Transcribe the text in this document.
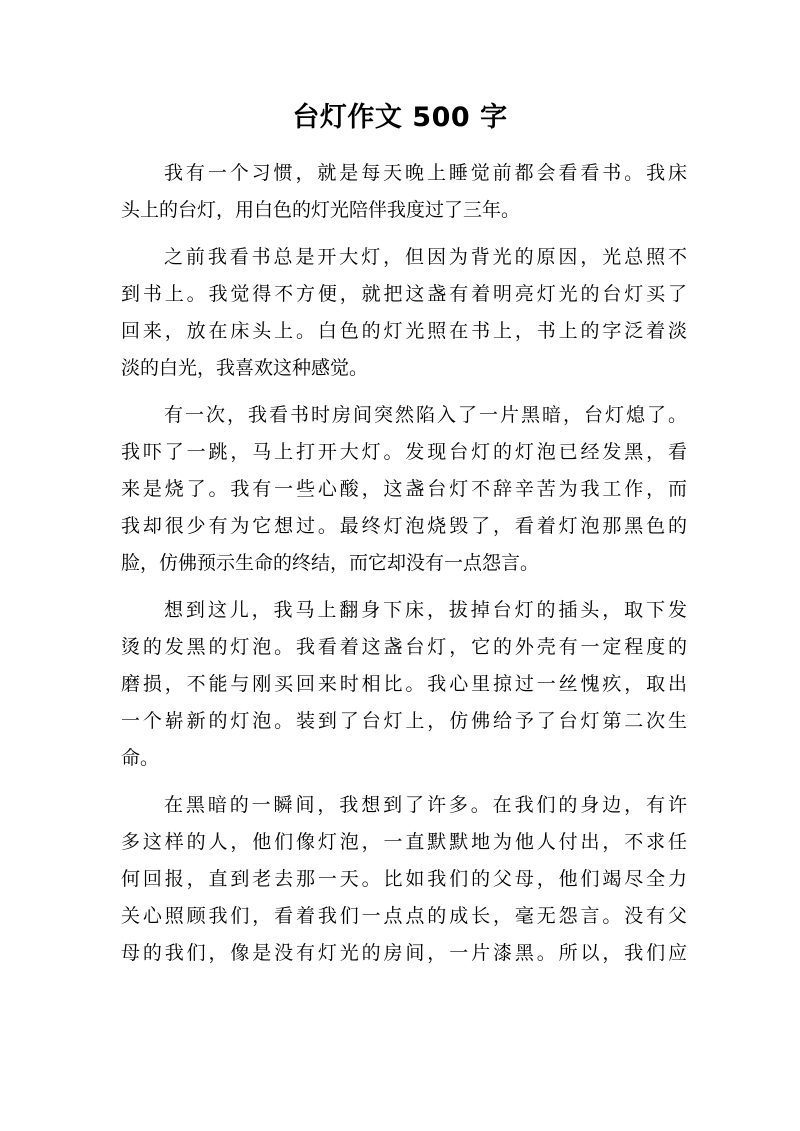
台灯作文 500 字
我有一个习惯，就是每天晚上睡觉前都会看看书。我床
头上的台灯，用白色的灯光陪伴我度过了三年。
之前我看书总是开大灯，但因为背光的原因，光总照不
到书上。我觉得不方便，就把这盏有着明亮灯光的台灯买了
回来，放在床头上。白色的灯光照在书上，书上的字泛着淡
淡的白光，我喜欢这种感觉。
有一次，我看书时房间突然陷入了一片黑暗，台灯熄了。
我吓了一跳，马上打开大灯。发现台灯的灯泡已经发黑，看
来是烧了。我有一些心酸，这盏台灯不辞辛苦为我工作，而
我却很少有为它想过。最终灯泡烧毁了，看着灯泡那黑色的
脸，仿佛预示生命的终结，而它却没有一点怨言。
想到这儿，我马上翻身下床，拔掉台灯的插头，取下发
烫的发黑的灯泡。我看着这盏台灯，它的外壳有一定程度的
磨损，不能与刚买回来时相比。我心里掠过一丝愧疚，取出
一个崭新的灯泡。装到了台灯上，仿佛给予了台灯第二次生
命。
在黑暗的一瞬间，我想到了许多。在我们的身边，有许
多这样的人，他们像灯泡，一直默默地为他人付出，不求任
何回报，直到老去那一天。比如我们的父母，他们竭尽全力
关心照顾我们，看着我们一点点的成长，毫无怨言。没有父
母的我们，像是没有灯光的房间，一片漆黑。所以，我们应
